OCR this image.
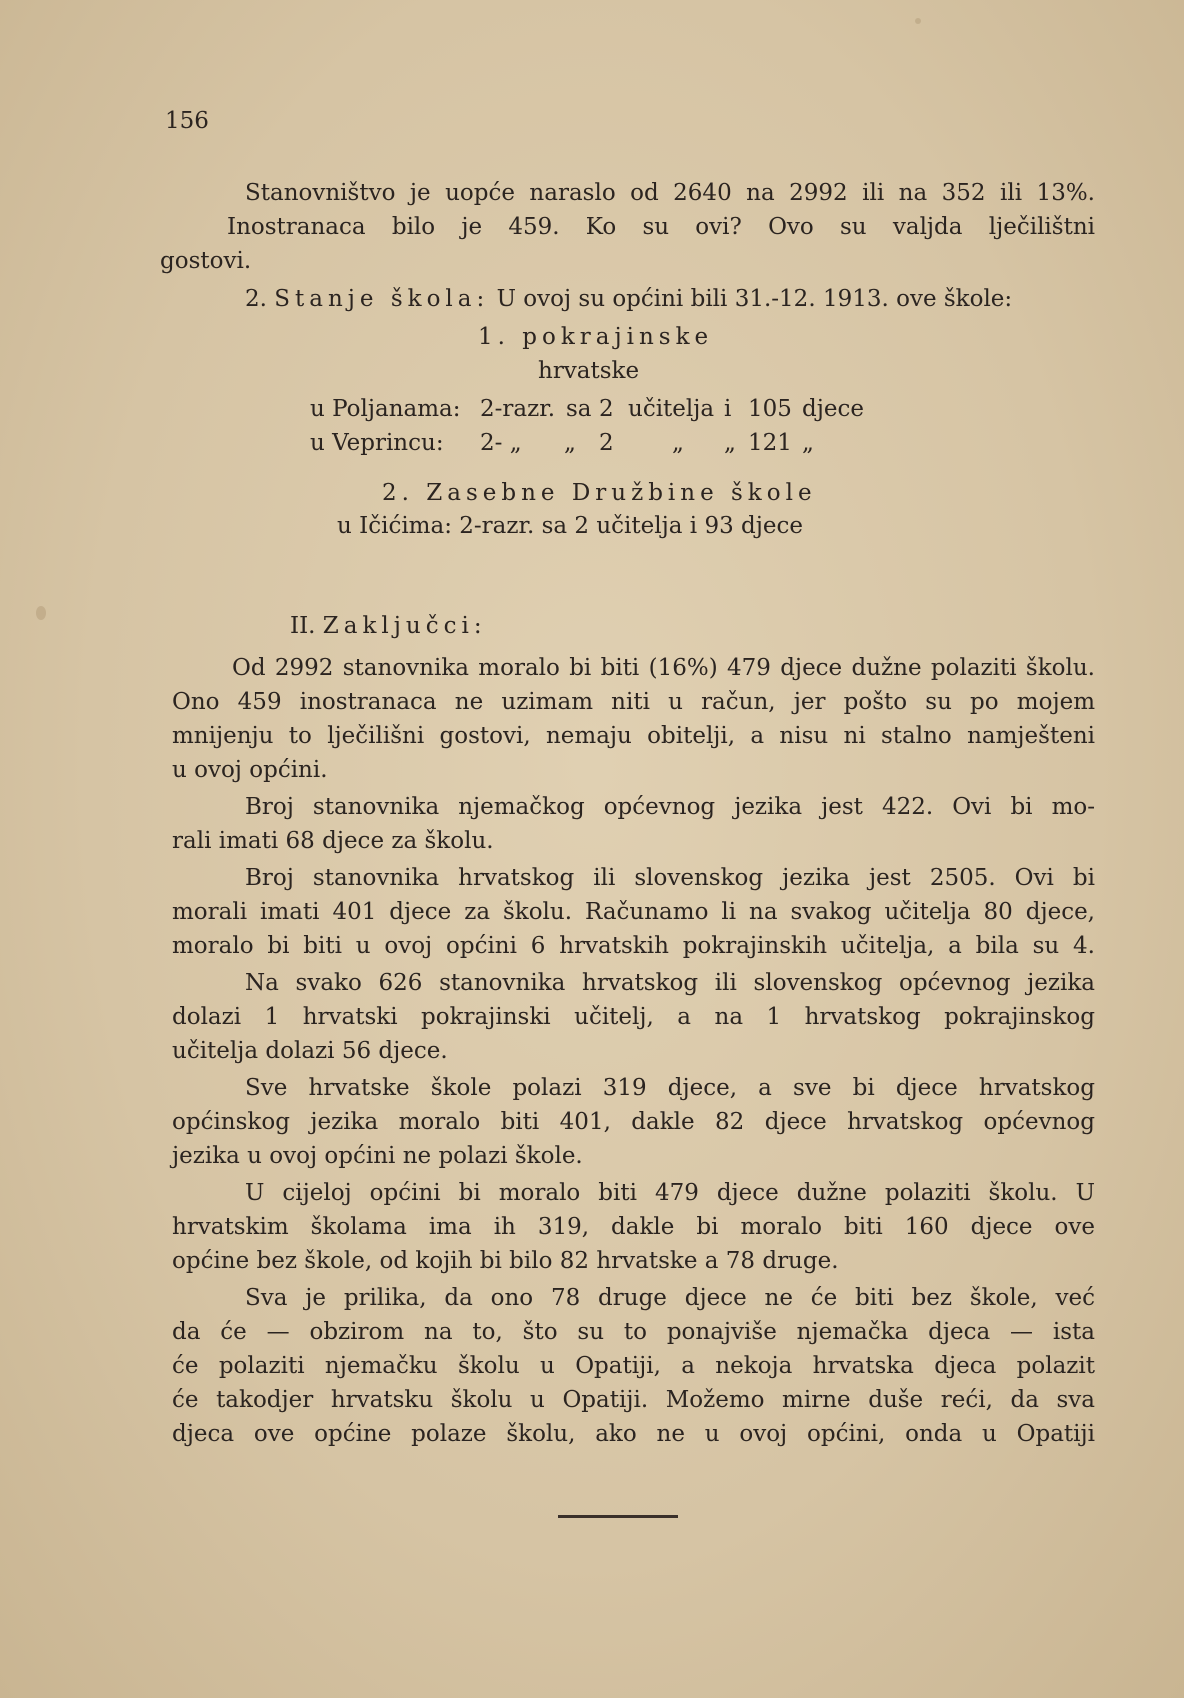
156
Stanovništvo je uopće naraslo od 2640 na 2992 ili na 352 ili 13%.
Inostranaca bilo je 459. Ko su ovi? Ovo su valjda lječilištni
gostovi.
2. Stanje škola: U ovoj su općini bili 31.-12. 1913. ove škole:
1. pokrajinske
hrvatske
u Poljanama: 2-razr. sa 2 učitelja i 105 djece
u Veprincu: 2- „ „ 2	„ „ 121 „
2. Zasebne Družbine škole
u Ičićima: 2-razr. sa 2 učitelja i 93 djece
II. Zaključci:
Od 2992 stanovnika moralo bi biti (16%) 479 djece dužne polaziti školu.
Ono 459 inostranaca ne uzimam niti u račun, jer pošto su po mojem
mnijenju to lječilišni gostovi, nemaju obitelji, a nisu ni stalno namješteni
u ovoj općini.
Broj stanovnika njemačkog općevnog jezika jest 422. Ovi bi mo-
rali imati 68 djece za školu.
Broj stanovnika hrvatskog ili slovenskog jezika jest 2505. Ovi bi
morali imati 401 djece za školu. Računamo li na svakog učitelja 80 djece,
moralo bi biti u ovoj općini 6 hrvatskih pokrajinskih učitelja, a bila su 4.
Na svako 626 stanovnika hrvatskog ili slovenskog općevnog jezika
dolazi 1 hrvatski pokrajinski učitelj, a na 1 hrvatskog pokrajinskog
učitelja dolazi 56 djece.
Sve hrvatske škole polazi 319 djece, a sve bi djece hrvatskog
općinskog jezika moralo biti 401, dakle 82 djece hrvatskog općevnog
jezika u ovoj općini ne polazi škole.
U cijeloj općini bi moralo biti 479 djece dužne polaziti školu. U
hrvatskim školama ima ih 319, dakle bi moralo biti 160 djece ove
općine bez škole, od kojih bi bilo 82 hrvatske a 78 druge.
Sva je prilika, da ono 78 druge djece ne će biti bez škole, već
da će — obzirom na to, što su to ponajviše njemačka djeca — ista
će polaziti njemačku školu u Opatiji, a nekoja hrvatska djeca polazit
će takodjer hrvatsku školu u Opatiji. Možemo mirne duše reći, da sva
djeca ove općine polaze školu, ako ne u ovoj općini, onda u Opatiji
